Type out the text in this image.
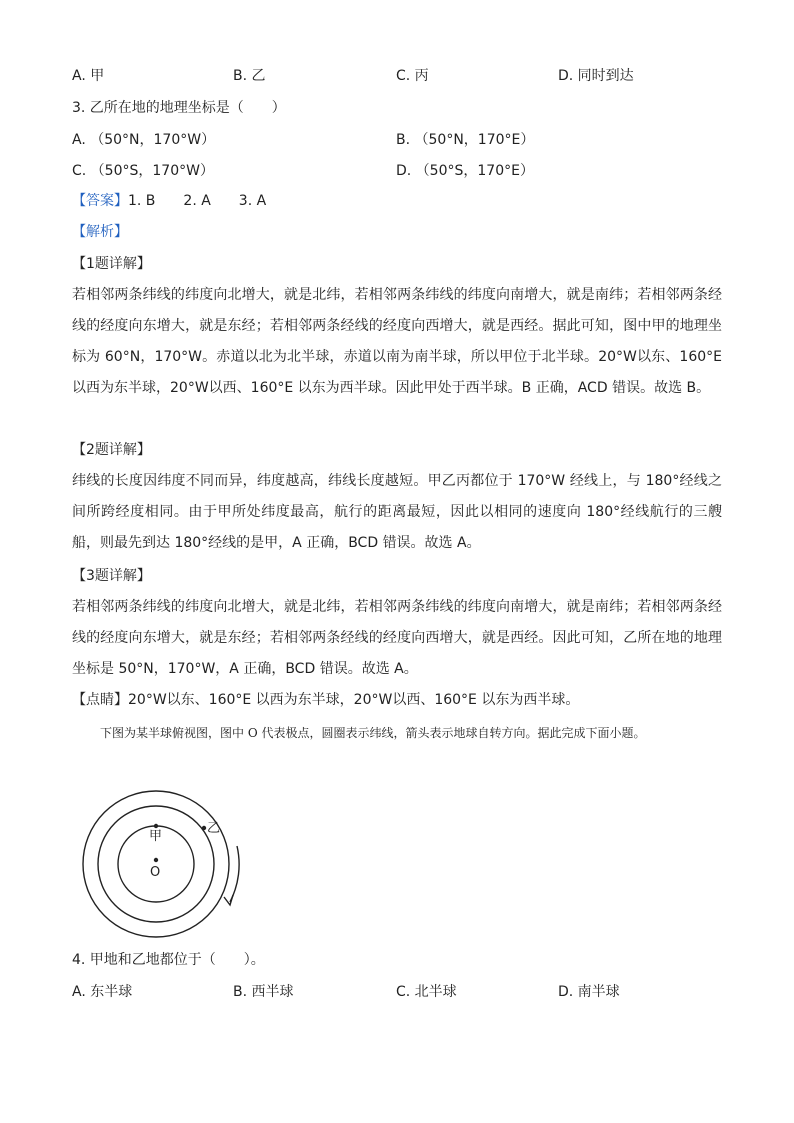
A. 甲	B. 乙	C. 丙	D. 同时到达
3. 乙所在地的地理坐标是（　　）
A. （50°N，170°W）	B. （50°N，170°E）
C. （50°S，170°W）	D. （50°S，170°E）
【答案】1. B　　2. A　　3. A
【解析】
【1题详解】
若相邻两条纬线的纬度向北增大，就是北纬，若相邻两条纬线的纬度向南增大，就是南纬；若相邻两条经线的经度向东增大，就是东经；若相邻两条经线的经度向西增大，就是西经。据此可知，图中甲的地理坐标为 60°N，170°W。赤道以北为北半球，赤道以南为南半球，所以甲位于北半球。20°W以东、160°E 以西为东半球，20°W以西、160°E 以东为西半球。因此甲处于西半球。B 正确，ACD 错误。故选 B。
【2题详解】
纬线的长度因纬度不同而异，纬度越高，纬线长度越短。甲乙丙都位于 170°W 经线上，与 180°经线之间所跨经度相同。由于甲所处纬度最高，航行的距离最短，因此以相同的速度向 180°经线航行的三艘船，则最先到达 180°经线的是甲，A 正确，BCD 错误。故选 A。
【3题详解】
若相邻两条纬线的纬度向北增大，就是北纬，若相邻两条纬线的纬度向南增大，就是南纬；若相邻两条经线的经度向东增大，就是东经；若相邻两条经线的经度向西增大，就是西经。因此可知，乙所在地的地理坐标是 50°N，170°W，A 正确，BCD 错误。故选 A。
【点睛】20°W以东、160°E 以西为东半球，20°W以西、160°E 以东为西半球。
下图为某半球俯视图，图中 O 代表极点，圆圈表示纬线，箭头表示地球自转方向。据此完成下面小题。
甲
乙
O
4. 甲地和乙地都位于（　　）。
A. 东半球	B. 西半球	C. 北半球	D. 南半球
